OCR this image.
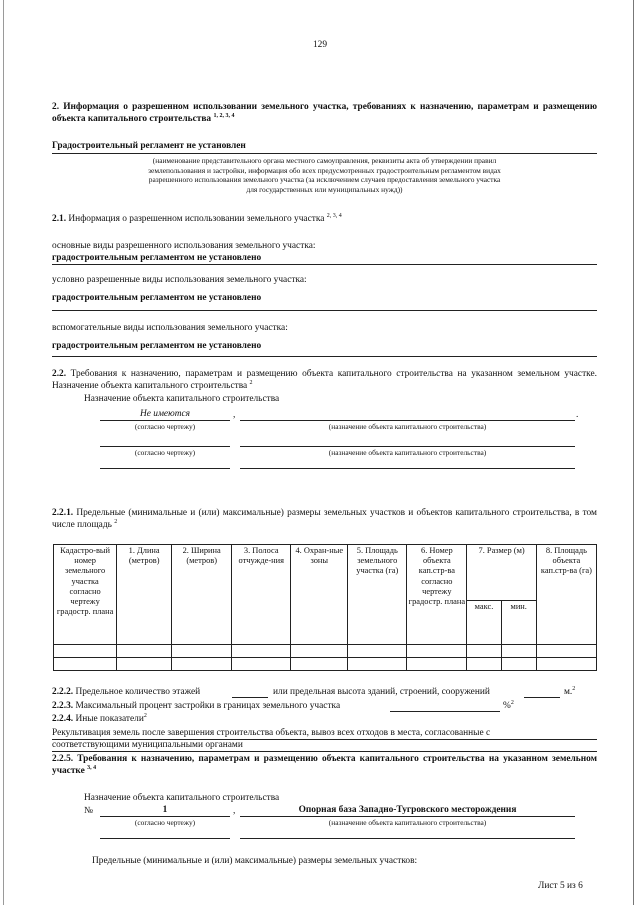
129
2. Информация о разрешенном использовании земельного участка, требованиях к назначению, параметрам и размещению объекта капитального строительства $^{1, 2, 3, 4}$
Градостроительный регламент не установлен
(наименование представительного органа местного самоуправления, реквизиты акта об утверждении правил
землепользования и застройки, информация обо всех предусмотренных градостроительным регламентом видах
разрешенного использования земельного участка (за исключением случаев предоставления земельного участка
для государственных или муниципальных нужд))
2.1. Информация о разрешенном использовании земельного участка $^{2, 3, 4}$
основные виды разрешенного использования земельного участка:
градостроительным регламентом не установлено
условно разрешенные виды использования земельного участка:
градостроительным регламентом не установлено
вспомогательные виды использования земельного участка:
градостроительным регламентом не установлено
2.2. Требования к назначению, параметрам и размещению объекта капитального строительства на указанном земельном участке. Назначение объекта капитального строительства $^2$
Назначение объекта капитального строительства
Не имеются	,	.
(согласно чертежу)	(назначение объекта капитального строительства)
(согласно чертежу)	(назначение объекта капитального строительства)
2.2.1. Предельные (минимальные и (или) максимальные) размеры земельных участков и объектов капитального строительства, в том числе площадь $^2$
Кадастро-вый номер земельного участка согласно чертежу градостр. плана	1. Длина (метров)	2. Ширина (метров)	3. Полоса отчужде-ния	4. Охран-ные зоны	5. Площадь земельного участка (га)	6. Номер объекта кап.стр-ва согласно чертежу градостр. плана	7. Размер (м)		8. Площадь объекта кап.стр-ва (га)
							макс.	мин.	

2.2.2. Предельное количество этажей	или предельная высота зданий, строений, сооружений	м.$^2$
2.2.3. Максимальный процент застройки в границах земельного участка	%$^2$
2.2.4. Иные показатели$^2$
Рекультивация земель после завершения строительства объекта, вывоз всех отходов в места, согласованные с
соответствующими муниципальными органами
2.2.5. Требования к назначению, параметрам и размещению объекта капитального строительства на указанном земельном участке $^{3, 4}$
Назначение объекта капитального строительства
№	1	,	Опорная база Западно-Тугровского месторождения
(согласно чертежу)	(назначение объекта капитального строительства)
Предельные (минимальные и (или) максимальные) размеры земельных участков:
Лист 5 из 6
